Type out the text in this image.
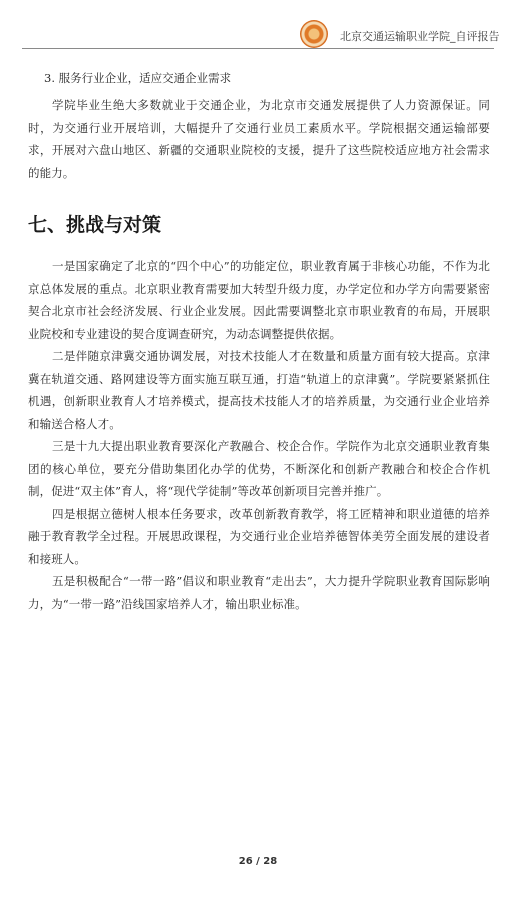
北京交通运输职业学院_自评报告
3. 服务行业企业，适应交通企业需求

学院毕业生绝大多数就业于交通企业，为北京市交通发展提供了人力资源保证。同时，为交通行业开展培训，大幅提升了交通行业员工素质水平。学院根据交通运输部要求，开展对六盘山地区、新疆的交通职业院校的支援，提升了这些院校适应地方社会需求的能力。

七、挑战与对策

一是国家确定了北京的“四个中心”的功能定位，职业教育属于非核心功能，不作为北京总体发展的重点。北京职业教育需要加大转型升级力度，办学定位和办学方向需要紧密契合北京市社会经济发展、行业企业发展。因此需要调整北京市职业教育的布局，开展职业院校和专业建设的契合度调查研究，为动态调整提供依据。

二是伴随京津冀交通协调发展，对技术技能人才在数量和质量方面有较大提高。京津冀在轨道交通、路网建设等方面实施互联互通，打造“轨道上的京津冀”。学院要紧紧抓住机遇，创新职业教育人才培养模式，提高技术技能人才的培养质量，为交通行业企业培养和输送合格人才。

三是十九大提出职业教育要深化产教融合、校企合作。学院作为北京交通职业教育集团的核心单位，要充分借助集团化办学的优势，不断深化和创新产教融合和校企合作机制，促进“双主体”育人，将“现代学徒制”等改革创新项目完善并推广。

四是根据立德树人根本任务要求，改革创新教育教学，将工匠精神和职业道德的培养融于教育教学全过程。开展思政课程，为交通行业企业培养德智体美劳全面发展的建设者和接班人。

五是积极配合“一带一路”倡议和职业教育“走出去”，大力提升学院职业教育国际影响力，为“一带一路”沿线国家培养人才，输出职业标准。

26 / 28
